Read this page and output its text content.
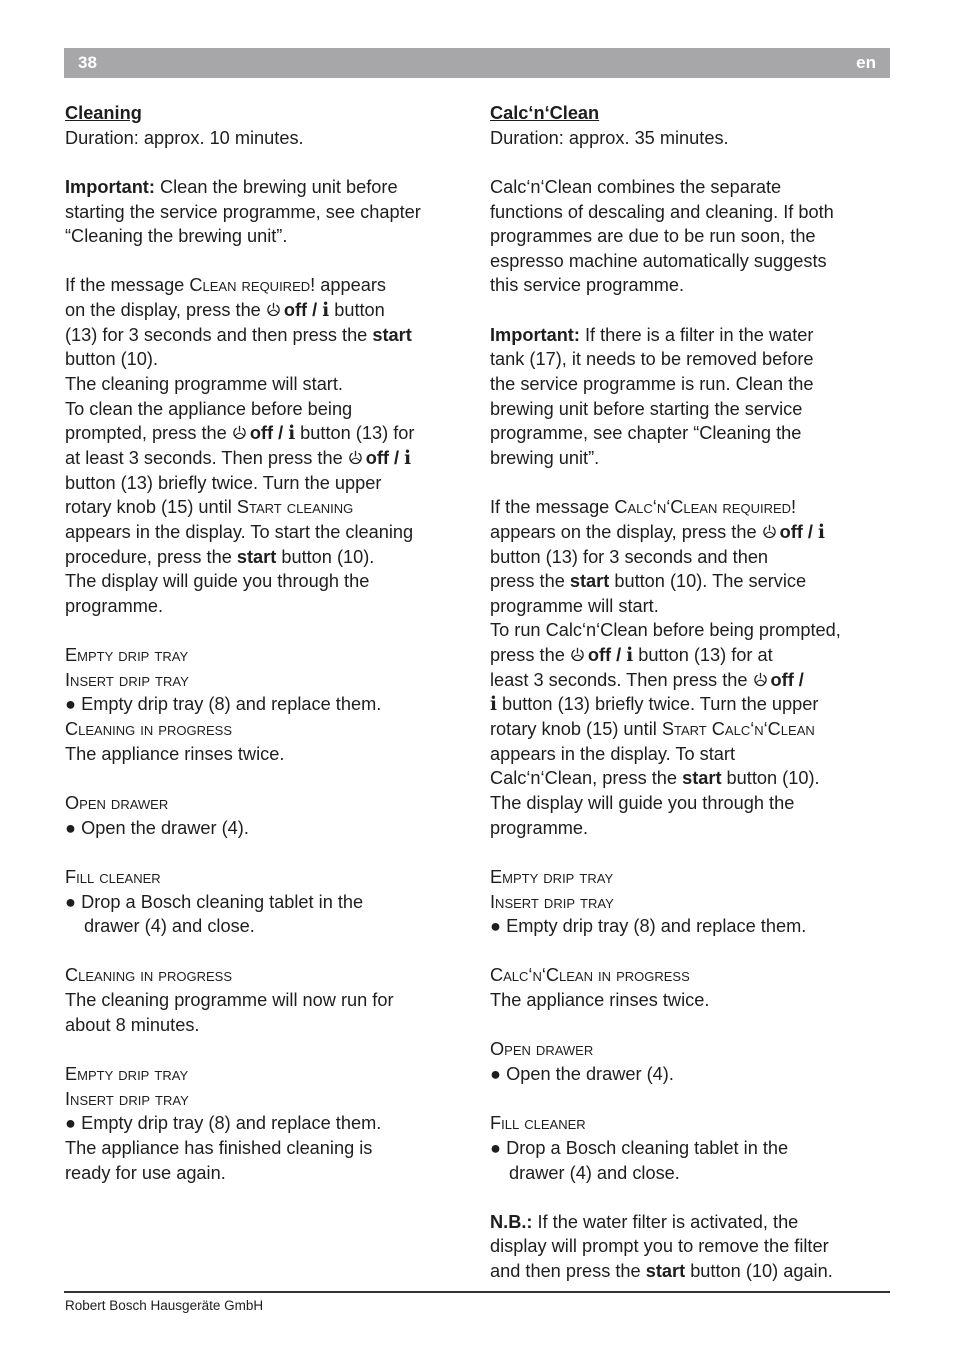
38	en
Cleaning
Duration: approx. 10 minutes.
Important: Clean the brewing unit before
starting the service programme, see chapter
“Cleaning the brewing unit”.
If the message Clean required! appears
on the display, press the
off / i button
(13) for 3 seconds and then press the start
button (10).
The cleaning programme will start.
To clean the appliance before being
prompted, press the
off / i button (13) for
at least 3 seconds. Then press the
off / i
button (13) briefly twice. Turn the upper
rotary knob (15) until Start cleaning
appears in the display. To start the cleaning
procedure, press the start button (10).
The display will guide you through the
programme.
Empty drip tray
Insert drip tray
● Empty drip tray (8) and replace them.
Cleaning in progress
The appliance rinses twice.
Open drawer
● Open the drawer (4).
Fill cleaner
● Drop a Bosch cleaning tablet in the
drawer (4) and close.
Cleaning in progress
The cleaning programme will now run for
about 8 minutes.
Empty drip tray
Insert drip tray
● Empty drip tray (8) and replace them.
The appliance has finished cleaning is
ready for use again.
Calc‘n‘Clean
Duration: approx. 35 minutes.
Calc‘n‘Clean combines the separate
functions of descaling and cleaning. If both
programmes are due to be run soon, the
espresso machine automatically suggests
this service programme.
Important: If there is a filter in the water
tank (17), it needs to be removed before
the service programme is run. Clean the
brewing unit before starting the service
programme, see chapter “Cleaning the
brewing unit”.
If the message Calc‘n‘Clean required!
appears on the display, press the
off / i
button (13) for 3 seconds and then
press the start button (10). The service
programme will start.
To run Calc‘n‘Clean before being prompted,
press the
off / i button (13) for at
least 3 seconds. Then press the
off /
i button (13) briefly twice. Turn the upper
rotary knob (15) until Start Calc‘n‘Clean
appears in the display. To start
Calc‘n‘Clean, press the start button (10).
The display will guide you through the
programme.
Empty drip tray
Insert drip tray
● Empty drip tray (8) and replace them.
Calc‘n‘Clean in progress
The appliance rinses twice.
Open drawer
● Open the drawer (4).
Fill cleaner
● Drop a Bosch cleaning tablet in the
drawer (4) and close.
N.B.: If the water filter is activated, the
display will prompt you to remove the filter
and then press the start button (10) again.
Robert Bosch Hausgeräte GmbH
